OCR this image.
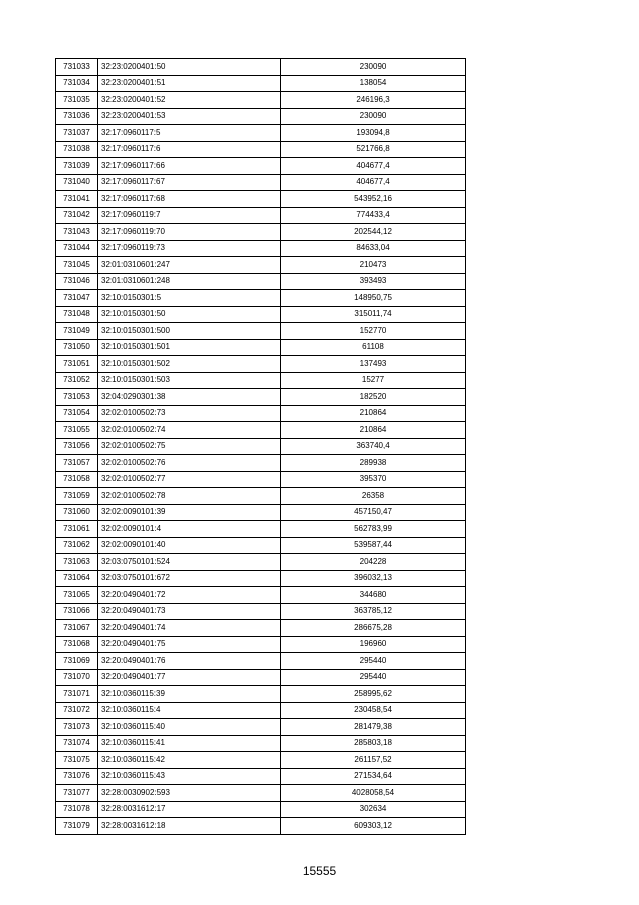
731033	32:23:0200401:50	230090
731034	32:23:0200401:51	138054
731035	32:23:0200401:52	246196,3
731036	32:23:0200401:53	230090
731037	32:17:0960117:5	193094,8
731038	32:17:0960117:6	521766,8
731039	32:17:0960117:66	404677,4
731040	32:17:0960117:67	404677,4
731041	32:17:0960117:68	543952,16
731042	32:17:0960119:7	774433,4
731043	32:17:0960119:70	202544,12
731044	32:17:0960119:73	84633,04
731045	32:01:0310601:247	210473
731046	32:01:0310601:248	393493
731047	32:10:0150301:5	148950,75
731048	32:10:0150301:50	315011,74
731049	32:10:0150301:500	152770
731050	32:10:0150301:501	61108
731051	32:10:0150301:502	137493
731052	32:10:0150301:503	15277
731053	32:04:0290301:38	182520
731054	32:02:0100502:73	210864
731055	32:02:0100502:74	210864
731056	32:02:0100502:75	363740,4
731057	32:02:0100502:76	289938
731058	32:02:0100502:77	395370
731059	32:02:0100502:78	26358
731060	32:02:0090101:39	457150,47
731061	32:02:0090101:4	562783,99
731062	32:02:0090101:40	539587,44
731063	32:03:0750101:524	204228
731064	32:03:0750101:672	396032,13
731065	32:20:0490401:72	344680
731066	32:20:0490401:73	363785,12
731067	32:20:0490401:74	286675,28
731068	32:20:0490401:75	196960
731069	32:20:0490401:76	295440
731070	32:20:0490401:77	295440
731071	32:10:0360115:39	258995,62
731072	32:10:0360115:4	230458,54
731073	32:10:0360115:40	281479,38
731074	32:10:0360115:41	285803,18
731075	32:10:0360115:42	261157,52
731076	32:10:0360115:43	271534,64
731077	32:28:0030902:593	4028058,54
731078	32:28:0031612:17	302634
731079	32:28:0031612:18	609303,12
15555
